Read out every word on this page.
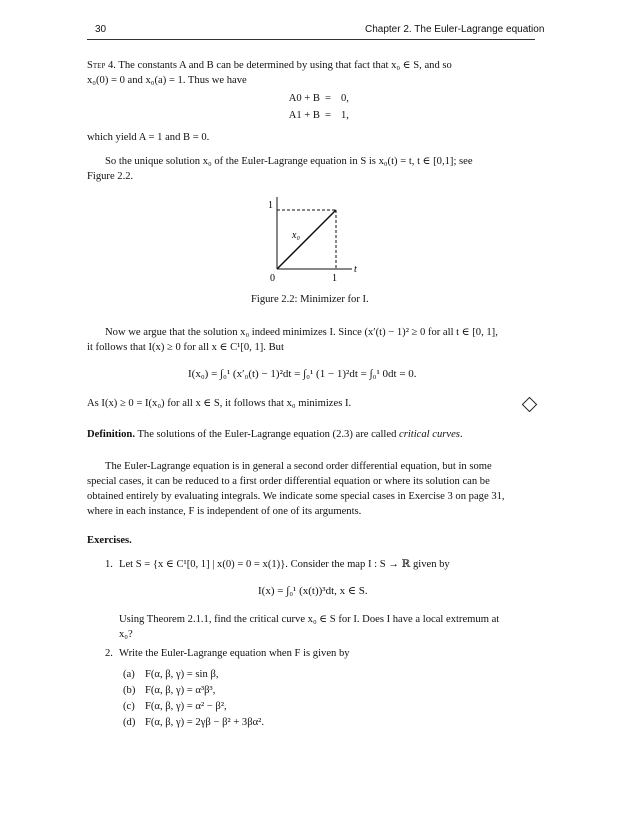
30	Chapter 2. The Euler-Lagrange equation
Step 4. The constants A and B can be determined by using that fact that x₀ ∈ S, and so
x₀(0) = 0 and x₀(a) = 1. Thus we have
A0 + B = 0,
A1 + B = 1,
which yield A = 1 and B = 0.
So the unique solution x₀ of the Euler-Lagrange equation in S is x₀(t) = t, t ∈ [0,1]; see
Figure 2.2.
1
0	1
t
x₀
Figure 2.2: Minimizer for I.
Now we argue that the solution x₀ indeed minimizes I. Since (x′(t) − 1)² ≥ 0 for all t ∈ [0, 1],
it follows that I(x) ≥ 0 for all x ∈ C¹[0, 1]. But
I(x₀) = ∫₀¹ (x′₀(t) − 1)²dt = ∫₀¹ (1 − 1)²dt = ∫₀¹ 0dt = 0.
As I(x) ≥ 0 = I(x₀) for all x ∈ S, it follows that x₀ minimizes I.
Definition. The solutions of the Euler-Lagrange equation (2.3) are called critical curves.
The Euler-Lagrange equation is in general a second order differential equation, but in some
special cases, it can be reduced to a first order differential equation or where its solution can be
obtained entirely by evaluating integrals. We indicate some special cases in Exercise 3 on page 31,
where in each instance, F is independent of one of its arguments.
Exercises.
1. Let S = {x ∈ C¹[0, 1] | x(0) = 0 = x(1)}. Consider the map I : S → ℝ given by
I(x) = ∫₀¹ (x(t))³dt, x ∈ S.
Using Theorem 2.1.1, find the critical curve x₀ ∈ S for I. Does I have a local extremum at
x₀?
2. Write the Euler-Lagrange equation when F is given by
(a) F(α, β, γ) = sin β,
(b) F(α, β, γ) = α³β³,
(c) F(α, β, γ) = α² − β²,
(d) F(α, β, γ) = 2γβ − β² + 3βα².
